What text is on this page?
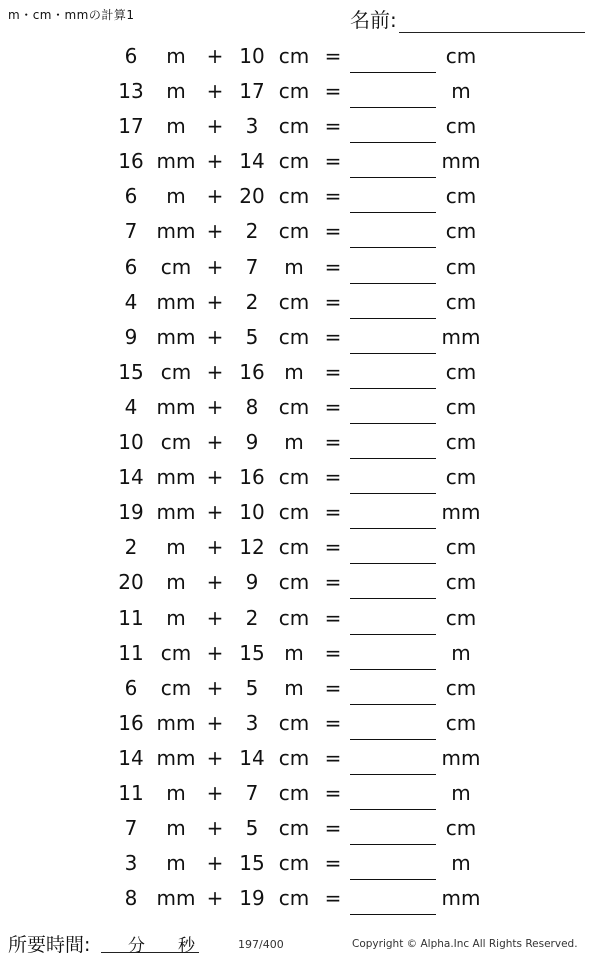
m・cm・mmの計算1	名前:
6	m	+ 10 cm =	cm
13	m	+ 17 cm =	m
17	m	+	3	cm =	cm
16 mm + 14 cm =	mm
6	m	+ 20 cm =	cm
7 mm +	2	cm =	cm
6	cm +	7	m	=	cm
4 mm +	2	cm =	cm
9 mm +	5	cm =	mm
15 cm + 16 m	=	cm
4 mm +	8	cm =	cm
10 cm +	9	m	=	cm
14 mm + 16 cm =	cm
19 mm + 10 cm =	mm
2	m	+ 12 cm =	cm
20	m	+	9	cm =	cm
11	m	+	2	cm =	cm
11 cm + 15 m	=	m
6	cm +	5	m	=	cm
16 mm +	3	cm =	cm
14 mm + 14 cm =	mm
11	m	+	7	cm =	m
7	m	+	5	cm =	cm
3	m	+ 15 cm =	m
8 mm + 19 cm =	mm
所要時間: 分 秒	197/400	Copyright © Alpha.Inc All Rights Reserved.
